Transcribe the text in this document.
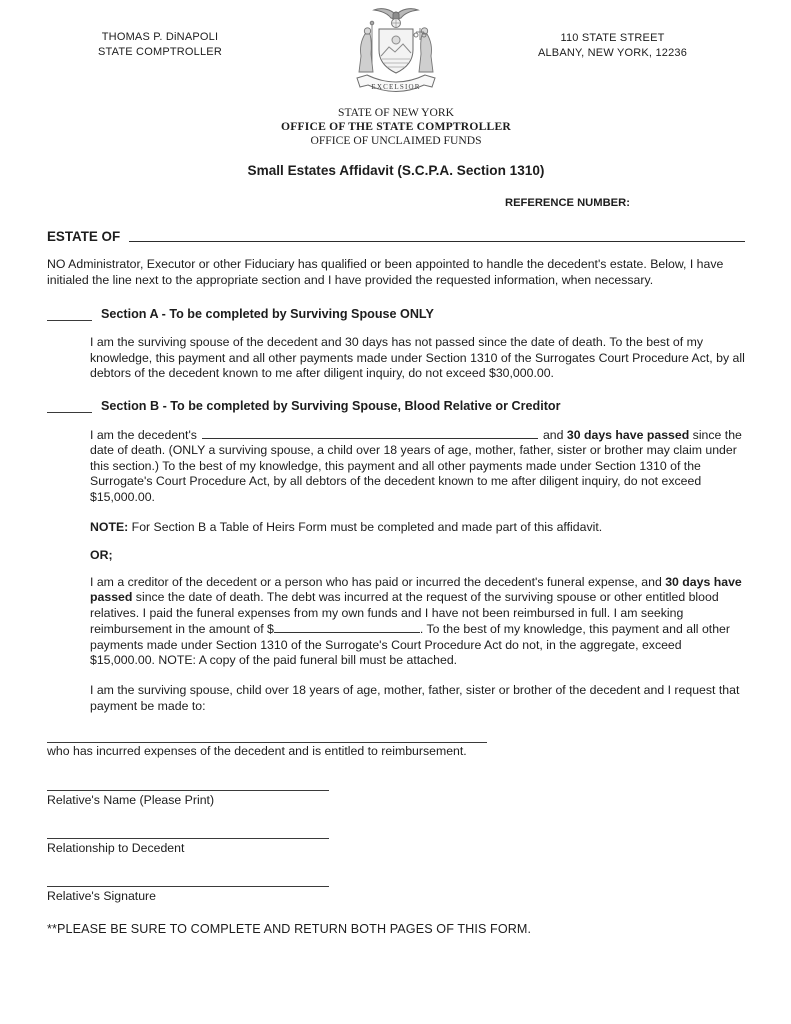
THOMAS P. DiNAPOLI
STATE COMPTROLLER
EXCELSIOR
110 STATE STREET
ALBANY, NEW YORK, 12236
STATE OF NEW YORK
OFFICE OF THE STATE COMPTROLLER
OFFICE OF UNCLAIMED FUNDS
Small Estates Affidavit (S.C.P.A. Section 1310)
REFERENCE NUMBER:
ESTATE OF
NO Administrator, Executor or other Fiduciary has qualified or been appointed to handle the decedent's estate. Below, I have initialed the line next to the appropriate section and I have provided the requested information, when necessary.
Section A - To be completed by Surviving Spouse ONLY
I am the surviving spouse of the decedent and 30 days has not passed since the date of death. To the best of my knowledge, this payment and all other payments made under Section 1310 of the Surrogates Court Procedure Act, by all debtors of the decedent known to me after diligent inquiry, do not exceed $30,000.00.
Section B - To be completed by Surviving Spouse, Blood Relative or Creditor
I am the decedent's	and 30 days have passed since the date of death. (ONLY a surviving spouse, a child over 18 years of age, mother, father, sister or brother may claim under this section.) To the best of my knowledge, this payment and all other payments made under Section 1310 of the Surrogate's Court Procedure Act, by all debtors of the decedent known to me after diligent inquiry, do not exceed $15,000.00.
NOTE: For Section B a Table of Heirs Form must be completed and made part of this affidavit.
OR;
I am a creditor of the decedent or a person who has paid or incurred the decedent's funeral expense, and 30 days have passed since the date of death. The debt was incurred at the request of the surviving spouse or other entitled blood relatives. I paid the funeral expenses from my own funds and I have not been reimbursed in full. I am seeking reimbursement in the amount of $	. To the best of my knowledge, this payment and all other payments made under Section 1310 of the Surrogate's Court Procedure Act do not, in the aggregate, exceed $15,000.00. NOTE: A copy of the paid funeral bill must be attached.
I am the surviving spouse, child over 18 years of age, mother, father, sister or brother of the decedent and I request that payment be made to:
who has incurred expenses of the decedent and is entitled to reimbursement.
Relative's Name (Please Print)
Relationship to Decedent
Relative's Signature
**PLEASE BE SURE TO COMPLETE AND RETURN BOTH PAGES OF THIS FORM.
